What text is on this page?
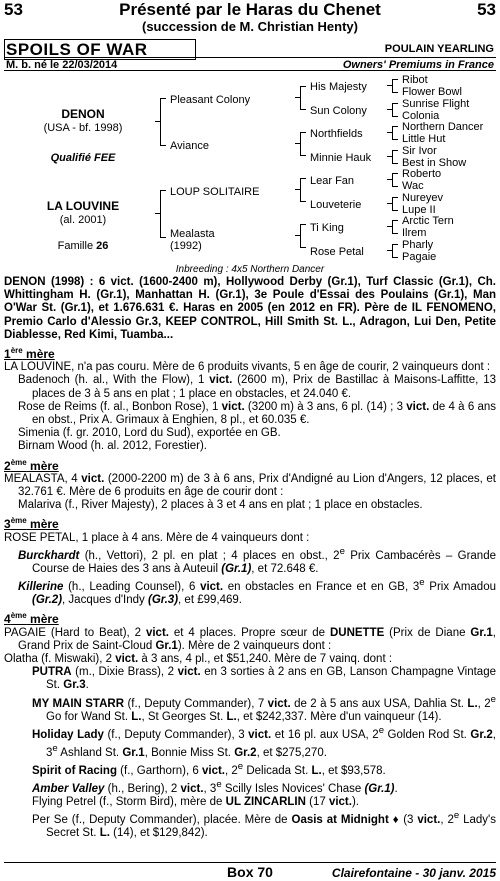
53	Présenté par le Haras du Chenet	53
(succession de M. Christian Henty)
SPOILS OF WAR	POULAIN YEARLING
M. b. né le 22/03/2014	Owners' Premiums in France
DENON
(USA - bf. 1998)
Qualifié FEE
LA LOUVINE
(al. 2001)
Famille 26
Pleasant Colony
Aviance
LOUP SOLITAIRE
Mealasta
(1992)
His Majesty
Sun Colony
Northfields
Minnie Hauk
Lear Fan
Louveterie
Ti King
Rose Petal
Ribot
Flower Bowl
Sunrise Flight
Colonia
Northern Dancer
Little Hut
Sir Ivor
Best in Show
Roberto
Wac
Nureyev
Lupe II
Arctic Tern
Ilrem
Pharly
Pagaie
Inbreeding : 4x5 Northern Dancer

DENON (1998) : 6 vict. (1600-2400 m), Hollywood Derby (Gr.1), Turf Classic (Gr.1), Ch. Whittingham H. (Gr.1), Manhattan H. (Gr.1), 3e Poule d'Essai des Poulains (Gr.1), Man O'War St. (Gr.1), et 1.676.631 €. Haras en 2005 (en 2012 en FR). Père de IL FENOMENO, Premio Carlo d'Alessio Gr.3, KEEP CONTROL, Hill Smith St. L., Adragon, Lui Den, Petite Diablesse, Red Kimi, Tuamba...

1ère mère

LA LOUVINE, n'a pas couru. Mère de 6 produits vivants, 5 en âge de courir, 2 vainqueurs dont :

Badenoch (h. al., With the Flow), 1 vict. (2600 m), Prix de Bastillac à Maisons-Laffitte, 13 places de 3 à 5 ans en plat ; 1 place en obstacles, et 24.040 €.

Rose de Reims (f. al., Bonbon Rose), 1 vict. (3200 m) à 3 ans, 6 pl. (14) ; 3 vict. de 4 à 6 ans en obst., Prix A. Grimaux à Enghien, 8 pl., et 60.035 €.

Simenia (f. gr. 2010, Lord du Sud), exportée en GB.

Birnam Wood (h. al. 2012, Forestier).

2ème mère

MEALASTA, 4 vict. (2000-2200 m) de 3 à 6 ans, Prix d'Andigné au Lion d'Angers, 12 places, et 32.761 €. Mère de 6 produits en âge de courir dont :

Malariva (f., River Majesty), 2 places à 3 et 4 ans en plat ; 1 place en obstacles.

3ème mère

ROSE PETAL, 1 place à 4 ans. Mère de 4 vainqueurs dont :

Burckhardt (h., Vettori), 2 pl. en plat ; 4 places en obst., 2e Prix Cambacérès – Grande Course de Haies des 3 ans à Auteuil (Gr.1), et 72.648 €.

Killerine (h., Leading Counsel), 6 vict. en obstacles en France et en GB, 3e Prix Amadou (Gr.2), Jacques d'Indy (Gr.3), et £99,469.

4ème mère

PAGAIE (Hard to Beat), 2 vict. et 4 places. Propre sœur de DUNETTE (Prix de Diane Gr.1, Grand Prix de Saint-Cloud Gr.1). Mère de 2 vainqueurs dont :

Olatha (f. Miswaki), 2 vict. à 3 ans, 4 pl., et $51,240. Mère de 7 vainq. dont :

PUTRA (m., Dixie Brass), 2 vict. en 3 sorties à 2 ans en GB, Lanson Champagne Vintage St. Gr.3.

MY MAIN STARR (f., Deputy Commander), 7 vict. de 2 à 5 ans aux USA, Dahlia St. L., 2e Go for Wand St. L., St Georges St. L., et $242,337. Mère d'un vainqueur (14).

Holiday Lady (f., Deputy Commander), 3 vict. et 16 pl. aux USA, 2e Golden Rod St. Gr.2, 3e Ashland St. Gr.1, Bonnie Miss St. Gr.2, et $275,270.

Spirit of Racing (f., Garthorn), 6 vict., 2e Delicada St. L., et $93,578.

Amber Valley (h., Bering), 2 vict., 3e Scilly Isles Novices' Chase (Gr.1).

Flying Petrel (f., Storm Bird), mère de UL ZINCARLIN (17 vict.).

Per Se (f., Deputy Commander), placée. Mère de Oasis at Midnight ♦ (3 vict., 2e Lady's Secret St. L. (14), et $129,842).

Box 70	Clairefontaine - 30 janv. 2015
